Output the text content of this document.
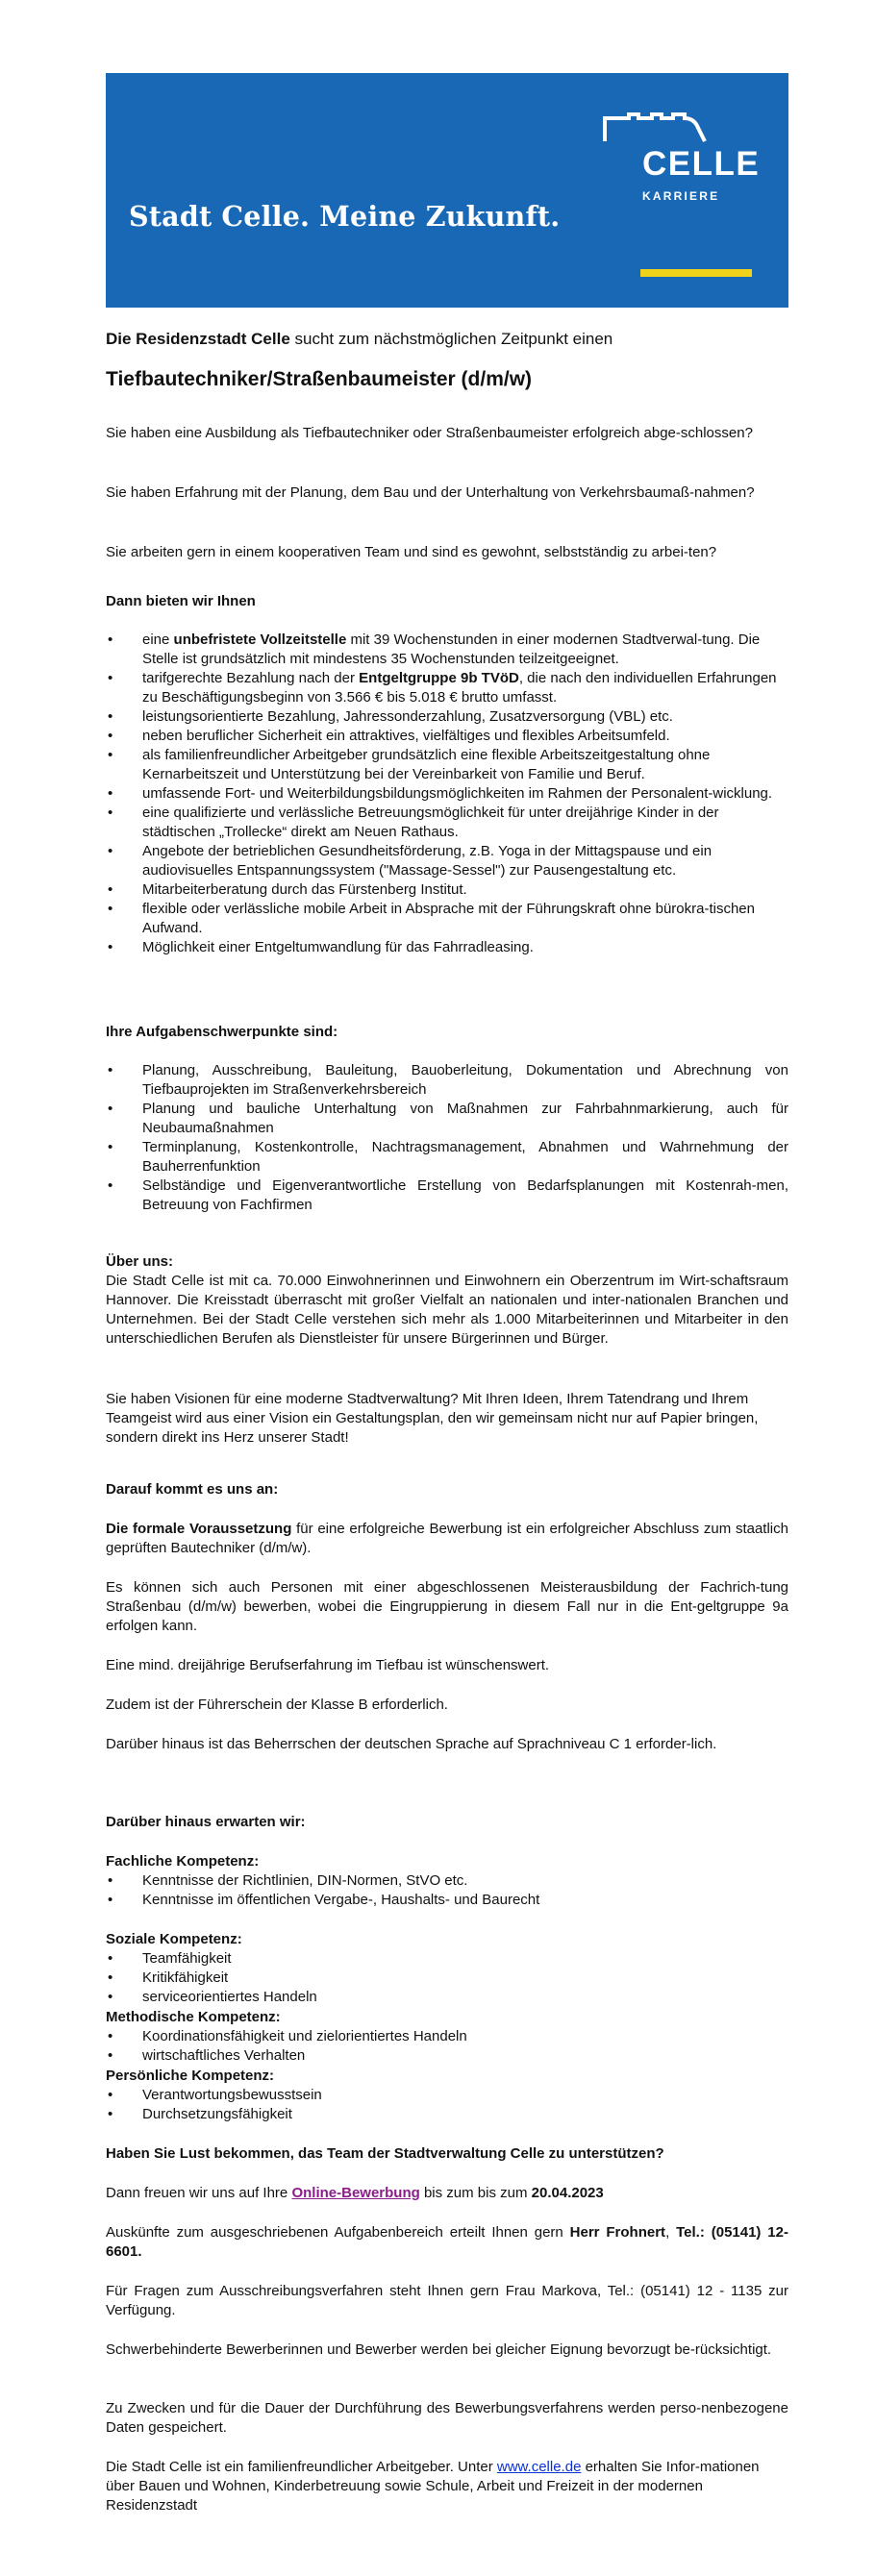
Stadt Celle. Meine Zukunft.
CELLE
KARRIERE

Die Residenzstadt Celle sucht zum nächstmöglichen Zeitpunkt einen

Tiefbautechniker/Straßenbaumeister (d/m/w)

Sie haben eine Ausbildung als Tiefbautechniker oder Straßenbaumeister erfolgreich abge-schlossen?

Sie haben Erfahrung mit der Planung, dem Bau und der Unterhaltung von Verkehrsbaumaß-nahmen?

Sie arbeiten gern in einem kooperativen Team und sind es gewohnt, selbstständig zu arbei-ten?

Dann bieten wir Ihnen

• eine unbefristete Vollzeitstelle mit 39 Wochenstunden in einer modernen Stadtverwal-tung. Die Stelle ist grundsätzlich mit mindestens 35 Wochenstunden teilzeitgeeignet.
• tarifgerechte Bezahlung nach der Entgeltgruppe 9b TVöD, die nach den individuellen Erfahrungen zu Beschäftigungsbeginn von 3.566 € bis 5.018 € brutto umfasst.
• leistungsorientierte Bezahlung, Jahressonderzahlung, Zusatzversorgung (VBL) etc.
• neben beruflicher Sicherheit ein attraktives, vielfältiges und flexibles Arbeitsumfeld.
• als familienfreundlicher Arbeitgeber grundsätzlich eine flexible Arbeitszeitgestaltung ohne Kernarbeitszeit und Unterstützung bei der Vereinbarkeit von Familie und Beruf.
• umfassende Fort- und Weiterbildungsbildungsmöglichkeiten im Rahmen der Personalent-wicklung.
• eine qualifizierte und verlässliche Betreuungsmöglichkeit für unter dreijährige Kinder in der städtischen „Trollecke“ direkt am Neuen Rathaus.
• Angebote der betrieblichen Gesundheitsförderung, z.B. Yoga in der Mittagspause und ein audiovisuelles Entspannungssystem ("Massage-Sessel") zur Pausengestaltung etc.
• Mitarbeiterberatung durch das Fürstenberg Institut.
• flexible oder verlässliche mobile Arbeit in Absprache mit der Führungskraft ohne bürokra-tischen Aufwand.
• Möglichkeit einer Entgeltumwandlung für das Fahrradleasing.

Ihre Aufgabenschwerpunkte sind:

• Planung, Ausschreibung, Bauleitung, Bauoberleitung, Dokumentation und Abrechnung von Tiefbauprojekten im Straßenverkehrsbereich
• Planung und bauliche Unterhaltung von Maßnahmen zur Fahrbahnmarkierung, auch für Neubaumaßnahmen
• Terminplanung, Kostenkontrolle, Nachtragsmanagement, Abnahmen und Wahrnehmung der Bauherrenfunktion
• Selbständige und Eigenverantwortliche Erstellung von Bedarfsplanungen mit Kostenrah-men, Betreuung von Fachfirmen

Über uns:

Die Stadt Celle ist mit ca. 70.000 Einwohnerinnen und Einwohnern ein Oberzentrum im Wirt-schaftsraum Hannover. Die Kreisstadt überrascht mit großer Vielfalt an nationalen und inter-nationalen Branchen und Unternehmen. Bei der Stadt Celle verstehen sich mehr als 1.000 Mitarbeiterinnen und Mitarbeiter in den unterschiedlichen Berufen als Dienstleister für unsere Bürgerinnen und Bürger.

Sie haben Visionen für eine moderne Stadtverwaltung? Mit Ihren Ideen, Ihrem Tatendrang und Ihrem Teamgeist wird aus einer Vision ein Gestaltungsplan, den wir gemeinsam nicht nur auf Papier bringen, sondern direkt ins Herz unserer Stadt!

Darauf kommt es uns an:

Die formale Voraussetzung für eine erfolgreiche Bewerbung ist ein erfolgreicher Abschluss zum staatlich geprüften Bautechniker (d/m/w).

Es können sich auch Personen mit einer abgeschlossenen Meisterausbildung der Fachrich-tung Straßenbau (d/m/w) bewerben, wobei die Eingruppierung in diesem Fall nur in die Ent-geltgruppe 9a erfolgen kann.

Eine mind. dreijährige Berufserfahrung im Tiefbau ist wünschenswert.

Zudem ist der Führerschein der Klasse B erforderlich.

Darüber hinaus ist das Beherrschen der deutschen Sprache auf Sprachniveau C 1 erforder-lich.

Darüber hinaus erwarten wir:

Fachliche Kompetenz:

• Kenntnisse der Richtlinien, DIN-Normen, StVO etc.
• Kenntnisse im öffentlichen Vergabe-, Haushalts- und Baurecht

Soziale Kompetenz:

• Teamfähigkeit
• Kritikfähigkeit
• serviceorientiertes Handeln

Methodische Kompetenz:

• Koordinationsfähigkeit und zielorientiertes Handeln
• wirtschaftliches Verhalten

Persönliche Kompetenz:

• Verantwortungsbewusstsein
• Durchsetzungsfähigkeit

Haben Sie Lust bekommen, das Team der Stadtverwaltung Celle zu unterstützen?

Dann freuen wir uns auf Ihre Online-Bewerbung bis zum bis zum 20.04.2023

Auskünfte zum ausgeschriebenen Aufgabenbereich erteilt Ihnen gern Herr Frohnert, Tel.: (05141) 12-6601.

Für Fragen zum Ausschreibungsverfahren steht Ihnen gern Frau Markova, Tel.: (05141) 12 - 1135 zur Verfügung.

Schwerbehinderte Bewerberinnen und Bewerber werden bei gleicher Eignung bevorzugt be-rücksichtigt.

Zu Zwecken und für die Dauer der Durchführung des Bewerbungsverfahrens werden perso-nenbezogene Daten gespeichert.

Die Stadt Celle ist ein familienfreundlicher Arbeitgeber. Unter www.celle.de erhalten Sie Infor-mationen über Bauen und Wohnen, Kinderbetreuung sowie Schule, Arbeit und Freizeit in der modernen Residenzstadt
